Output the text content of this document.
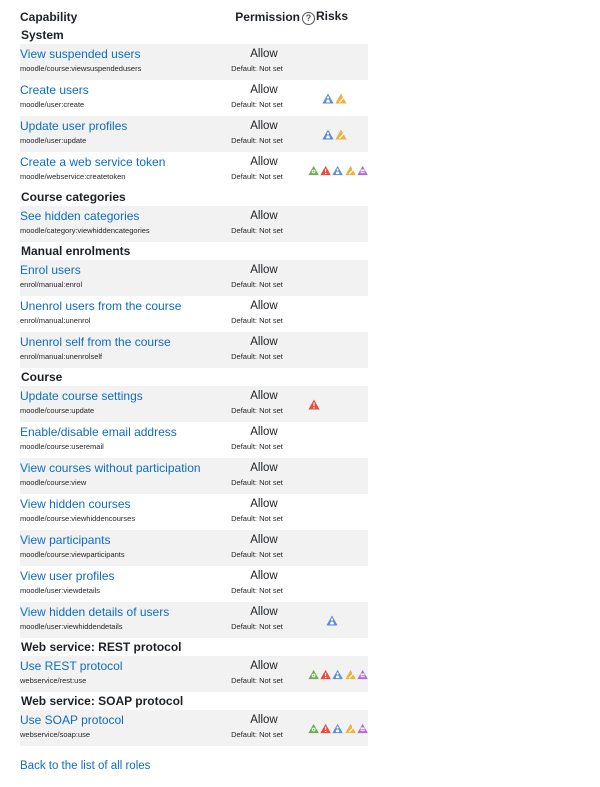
Capability	Permission	? Risks
System		

View suspended users
moodle/course:viewsuspendedusers	Allow
Default: Not set	

Create users
moodle/user:create	Allow
Default: Not set

Update user profiles
moodle/user:update	Allow
Default: Not set

Create a web service token
moodle/webservice:createtoken	Allow
Default: Not set

Course categories		

See hidden categories
moodle/category:viewhiddencategories	Allow
Default: Not set	

Manual enrolments		

Enrol users
enrol/manual:enrol	Allow
Default: Not set	

Unenrol users from the course
enrol/manual:unenrol	Allow
Default: Not set	

Unenrol self from the course
enrol/manual:unenrolself	Allow
Default: Not set	

Course		

Update course settings
moodle/course:update	Allow
Default: Not set

Enable/disable email address
moodle/course:useremail	Allow
Default: Not set	

View courses without participation
moodle/course:view	Allow
Default: Not set	

View hidden courses
moodle/course:viewhiddencourses	Allow
Default: Not set	

View participants
moodle/course:viewparticipants	Allow
Default: Not set	

View user profiles
moodle/user:viewdetails	Allow
Default: Not set	

View hidden details of users
moodle/user:viewhiddendetails	Allow
Default: Not set

Web service: REST protocol		

Use REST protocol
webservice/rest:use	Allow
Default: Not set

Web service: SOAP protocol		

Use SOAP protocol
webservice/soap:use	Allow
Default: Not set

Back to the list of all roles
